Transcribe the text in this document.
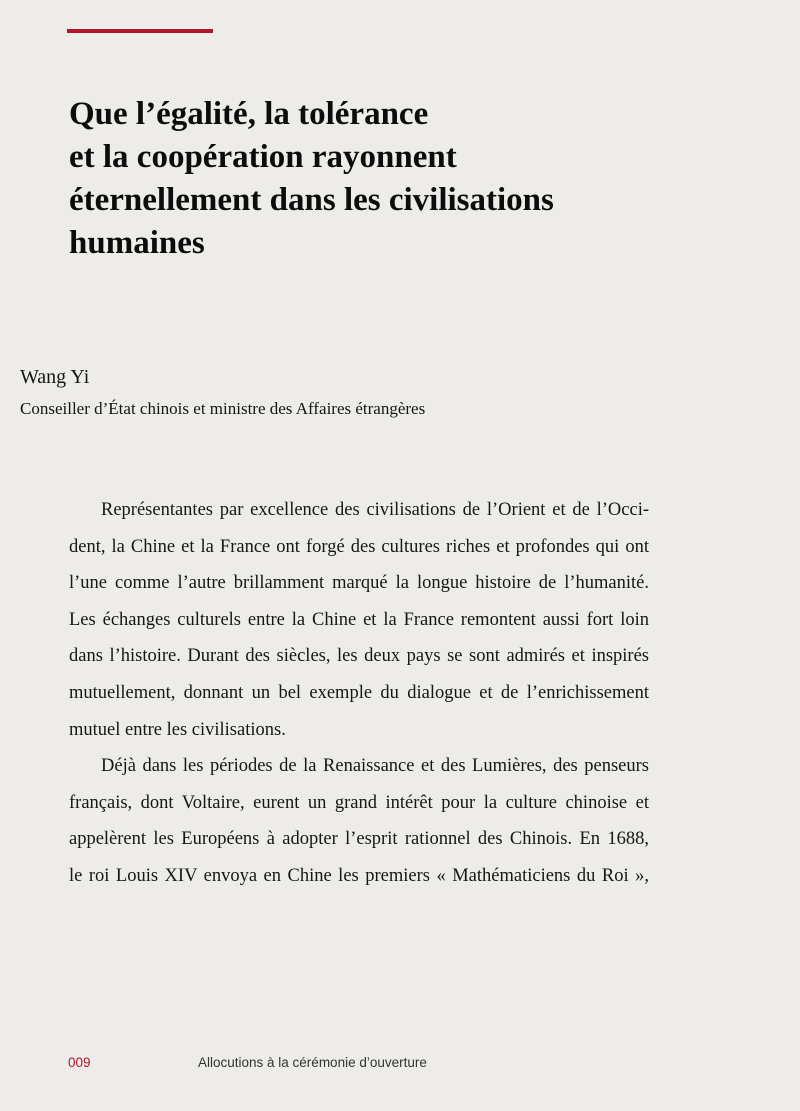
Que l’égalité, la tolérance
et la coopération rayonnent
éternellement dans les civilisations
humaines
Wang Yi
Conseiller d’État chinois et ministre des Affaires étrangères
Représentantes par excellence des civilisations de l’Orient et de l’Occi-
dent, la Chine et la France ont forgé des cultures riches et profondes qui ont
l’une comme l’autre brillamment marqué la longue histoire de l’humanité.
Les échanges culturels entre la Chine et la France remontent aussi fort loin
dans l’histoire. Durant des siècles, les deux pays se sont admirés et inspirés
mutuellement, donnant un bel exemple du dialogue et de l’enrichissement
mutuel entre les civilisations.
Déjà dans les périodes de la Renaissance et des Lumières, des penseurs
français, dont Voltaire, eurent un grand intérêt pour la culture chinoise et
appelèrent les Européens à adopter l’esprit rationnel des Chinois. En 1688,
le roi Louis XIV envoya en Chine les premiers « Mathématiciens du Roi »,
009	Allocutions à la cérémonie d’ouverture
